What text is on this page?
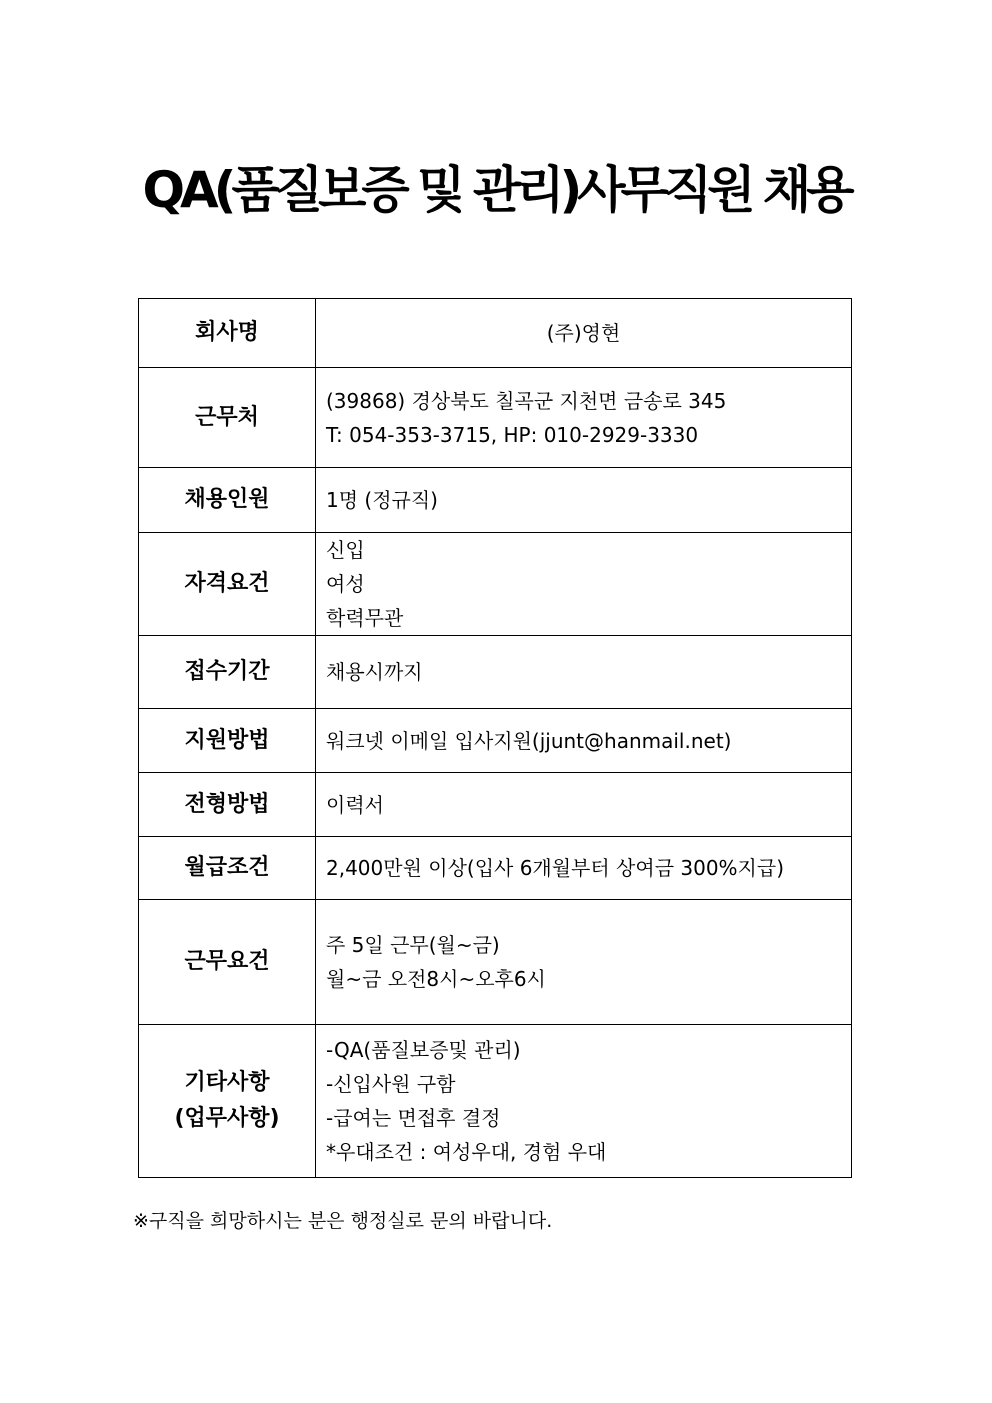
QA(품질보증 및 관리)사무직원 채용
회사명	(주)영현

근무처	(39868) 경상북도 칠곡군 지천면 금송로 345
T: 054-353-3715, HP: 010-2929-3330

채용인원	1명 (정규직)

자격요건	신입
여성
학력무관

접수기간	채용시까지

지원방법	워크넷 이메일 입사지원(jjunt@hanmail.net)

전형방법	이력서

월급조건	2,400만원 이상(입사 6개월부터 상여금 300%지급)

근무요건	주 5일 근무(월~금)
월~금 오전8시~오후6시

기타사항
(업무사항)	-QA(품질보증및 관리)
-신입사원 구함
-급여는 면접후 결정
*우대조건 : 여성우대, 경험 우대
※구직을 희망하시는 분은 행정실로 문의 바랍니다.
